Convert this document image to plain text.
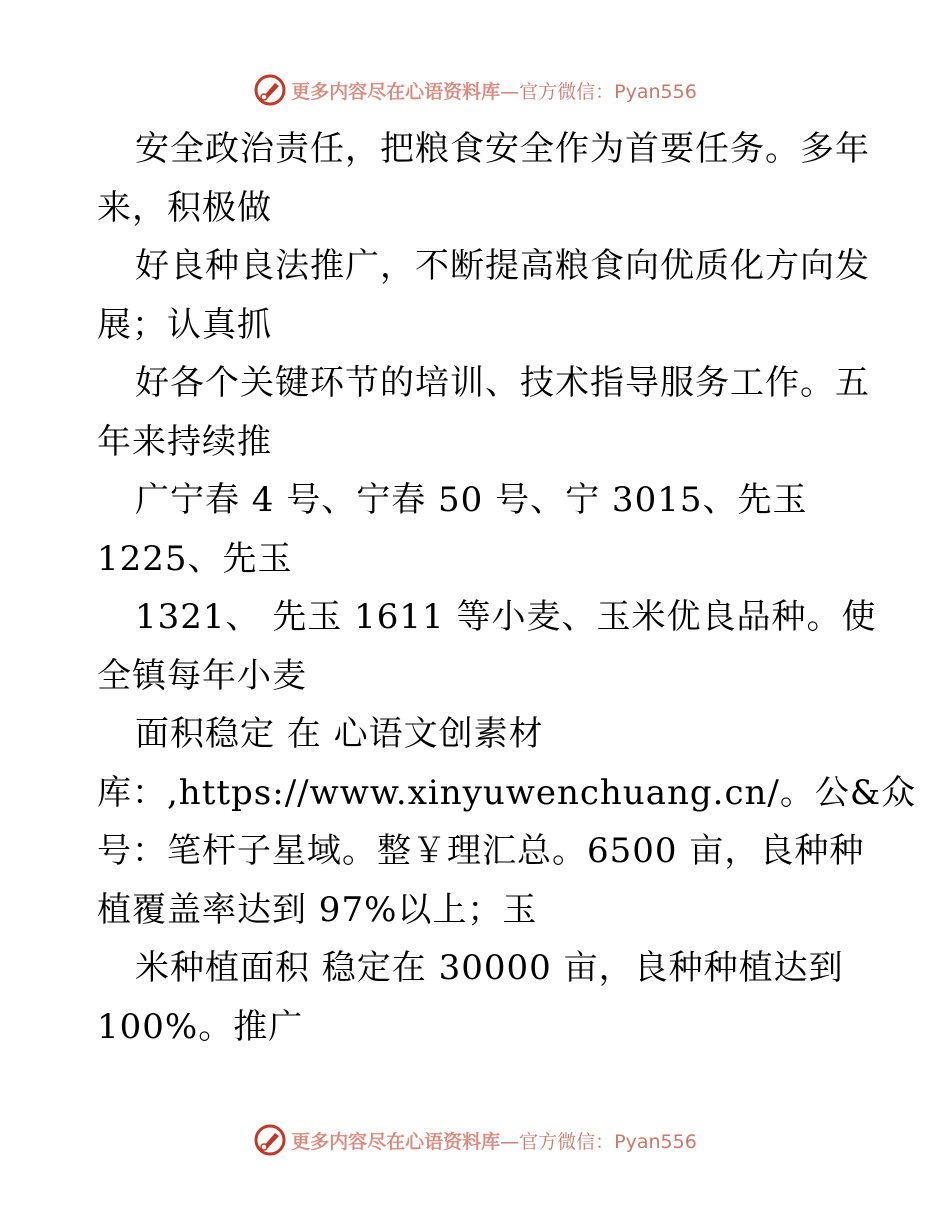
更多内容尽在心语资料库 —官方微信：Pyan556
安全政治责任，把粮食安全作为首要任务。多年
来，积极做
好良种良法推广，不断提高粮食向优质化方向发
展；认真抓
好各个关键环节的培训、技术指导服务工作。五
年来持续推
广宁春 4 号、宁春 50 号、宁 3015、先玉
1225、先玉
1321、 先玉 1611 等小麦、玉米优良品种。使
全镇每年小麦
面积稳定 在 心语文创素材
库：,https://www.xinyuwenchuang.cn/。公&众
号：笔杆子星域。整￥理汇总。6500 亩，良种种
植覆盖率达到 97%以上；玉
米种植面积 稳定在 30000 亩，良种种植达到
100%。推广
更多内容尽在心语资料库 —官方微信：Pyan556
